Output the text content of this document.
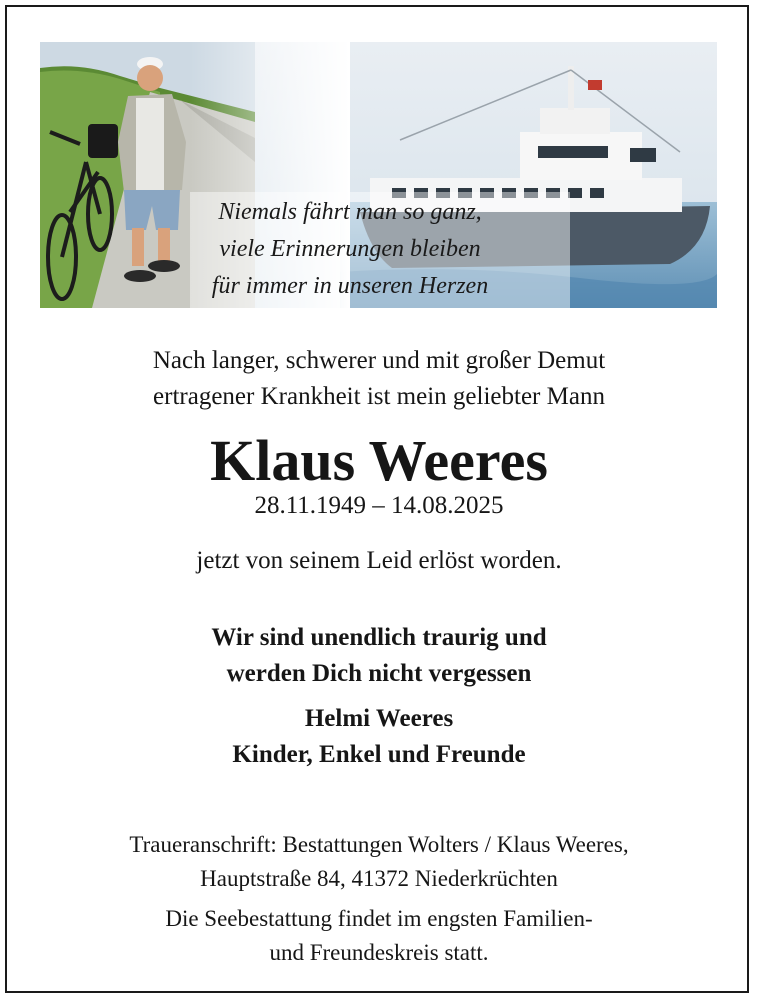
Niemals fährt man so ganz,
viele Erinnerungen bleiben
für immer in unseren Herzen
Nach langer, schwerer und mit großer Demut
ertragener Krankheit ist mein geliebter Mann
Klaus Weeres
28.11.1949 – 14.08.2025
jetzt von seinem Leid erlöst worden.
Wir sind unendlich traurig und
werden Dich nicht vergessen
Helmi Weeres
Kinder, Enkel und Freunde
Traueranschrift: Bestattungen Wolters / Klaus Weeres,
Hauptstraße 84, 41372 Niederkrüchten
Die Seebestattung findet im engsten Familien-
und Freundeskreis statt.
